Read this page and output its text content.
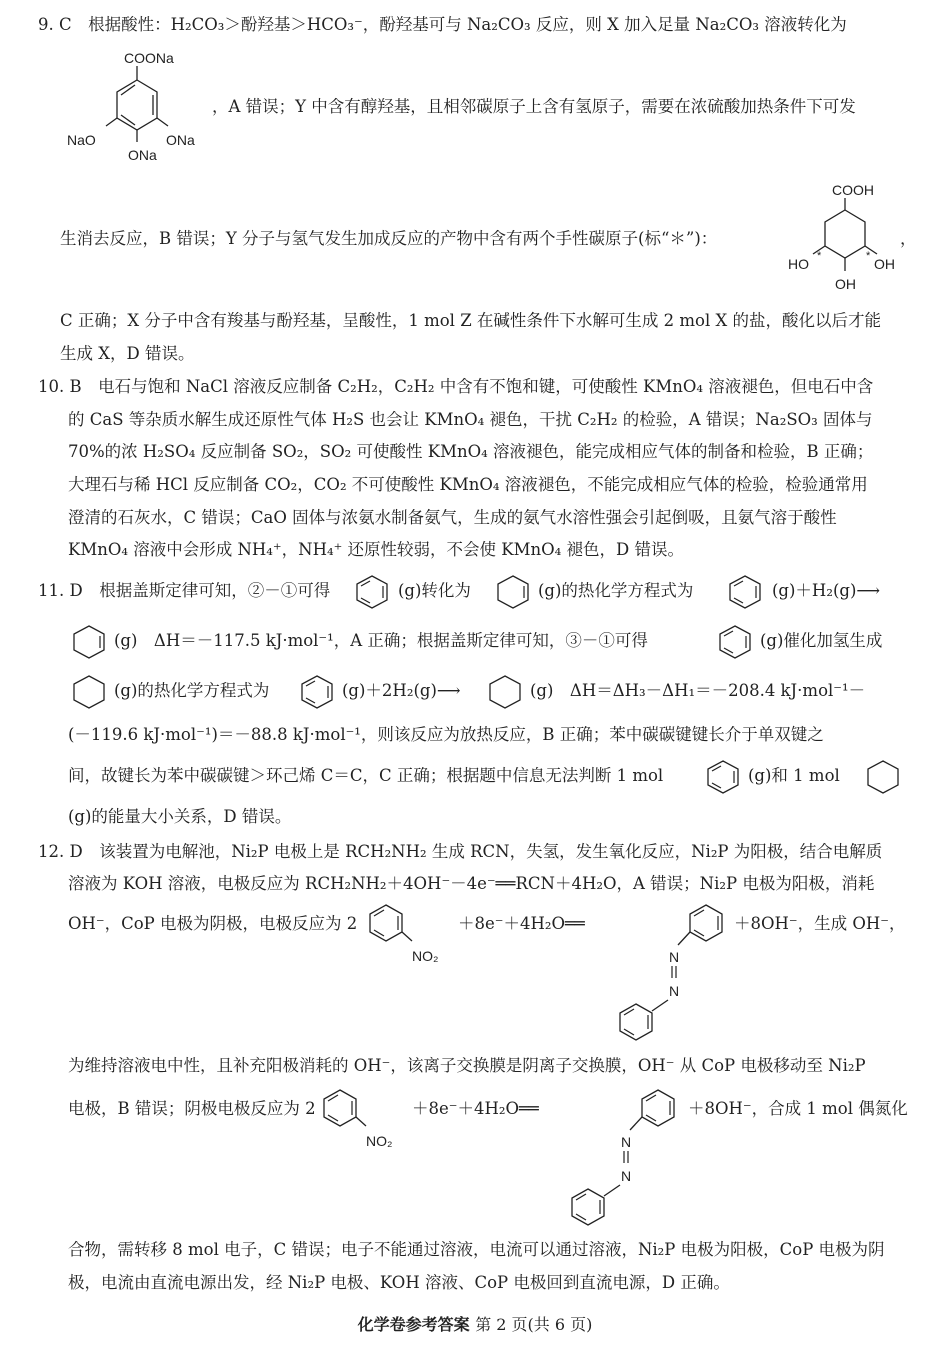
9. C　根据酸性：H₂CO₃＞酚羟基＞HCO₃⁻，酚羟基可与 Na₂CO₃ 反应，则 X 加入足量 Na₂CO₃ 溶液转化为
COONa
NaO	ONa
ONa
，A 错误；Y 中含有醇羟基，且相邻碳原子上含有氢原子，需要在浓硫酸加热条件下可发
COOH
HO	OH
OH
*	*
生消去反应，B 错误；Y 分子与氢气发生加成反应的产物中含有两个手性碳原子(标“＊”)：	，
C 正确；X 分子中含有羧基与酚羟基，呈酸性，1 mol Z 在碱性条件下水解可生成 2 mol X 的盐，酸化以后才能
生成 X，D 错误。
10. B　电石与饱和 NaCl 溶液反应制备 C₂H₂，C₂H₂ 中含有不饱和键，可使酸性 KMnO₄ 溶液褪色，但电石中含
的 CaS 等杂质水解生成还原性气体 H₂S 也会让 KMnO₄ 褪色，干扰 C₂H₂ 的检验，A 错误；Na₂SO₃ 固体与
70%的浓 H₂SO₄ 反应制备 SO₂，SO₂ 可使酸性 KMnO₄ 溶液褪色，能完成相应气体的制备和检验，B 正确；
大理石与稀 HCl 反应制备 CO₂，CO₂ 不可使酸性 KMnO₄ 溶液褪色，不能完成相应气体的检验，检验通常用
澄清的石灰水，C 错误；CaO 固体与浓氨水制备氨气，生成的氨气水溶性强会引起倒吸，且氨气溶于酸性
KMnO₄ 溶液中会形成 NH₄⁺，NH₄⁺ 还原性较弱，不会使 KMnO₄ 褪色，D 错误。
11. D　根据盖斯定律可知，②－①可得	(g)转化为	(g)的热化学方程式为	(g)＋H₂(g)⟶
(g)　ΔH＝－117.5 kJ·mol⁻¹，A 正确；根据盖斯定律可知，③－①可得	(g)催化加氢生成
(g)的热化学方程式为	(g)＋2H₂(g)⟶	(g)　ΔH＝ΔH₃－ΔH₁＝－208.4 kJ·mol⁻¹－
(－119.6 kJ·mol⁻¹)＝－88.8 kJ·mol⁻¹，则该反应为放热反应，B 正确；苯中碳碳键键长介于单双键之
间，故键长为苯中碳碳键＞环己烯 C＝C，C 正确；根据题中信息无法判断 1 mol	(g)和 1 mol
(g)的能量大小关系，D 错误。
12. D　该装置为电解池，Ni₂P 电极上是 RCH₂NH₂ 生成 RCN，失氢，发生氧化反应，Ni₂P 为阳极，结合电解质
溶液为 KOH 溶液，电极反应为 RCH₂NH₂＋4OH⁻－4e⁻══RCN＋4H₂O，A 错误；Ni₂P 电极为阳极，消耗
OH⁻，CoP 电极为阴极，电极反应为 2
NO₂
＋8e⁻＋4H₂O══
N
N
＋8OH⁻，生成 OH⁻，
为维持溶液电中性，且补充阳极消耗的 OH⁻，该离子交换膜是阴离子交换膜，OH⁻ 从 CoP 电极移动至 Ni₂P
电极，B 错误；阴极电极反应为 2
NO₂
＋8e⁻＋4H₂O══
N
N
＋8OH⁻，合成 1 mol 偶氮化
合物，需转移 8 mol 电子，C 错误；电子不能通过溶液，电流可以通过溶液，Ni₂P 电极为阳极，CoP 电极为阴
极，电流由直流电源出发，经 Ni₂P 电极、KOH 溶液、CoP 电极回到直流电源，D 正确。
化学卷参考答案 第 2 页(共 6 页)
